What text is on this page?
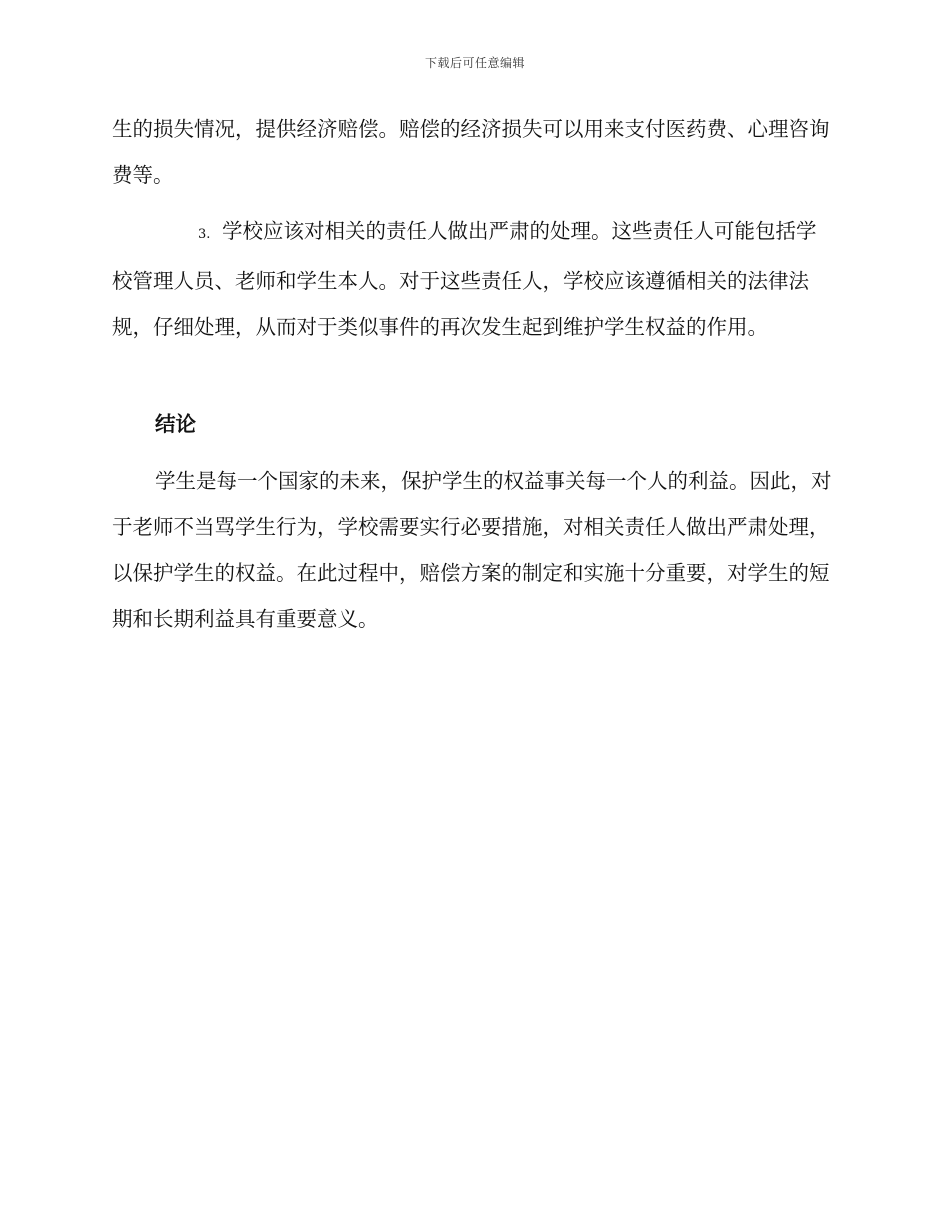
下载后可任意编辑

生的损失情况，提供经济赔偿。赔偿的经济损失可以用来支付医药费、心理咨询费等。

3. 学校应该对相关的责任人做出严肃的处理。这些责任人可能包括学校管理人员、老师和学生本人。对于这些责任人，学校应该遵循相关的法律法规，仔细处理，从而对于类似事件的再次发生起到维护学生权益的作用。

结论

学生是每一个国家的未来，保护学生的权益事关每一个人的利益。因此，对于老师不当骂学生行为，学校需要实行必要措施，对相关责任人做出严肃处理，以保护学生的权益。在此过程中，赔偿方案的制定和实施十分重要，对学生的短期和长期利益具有重要意义。
